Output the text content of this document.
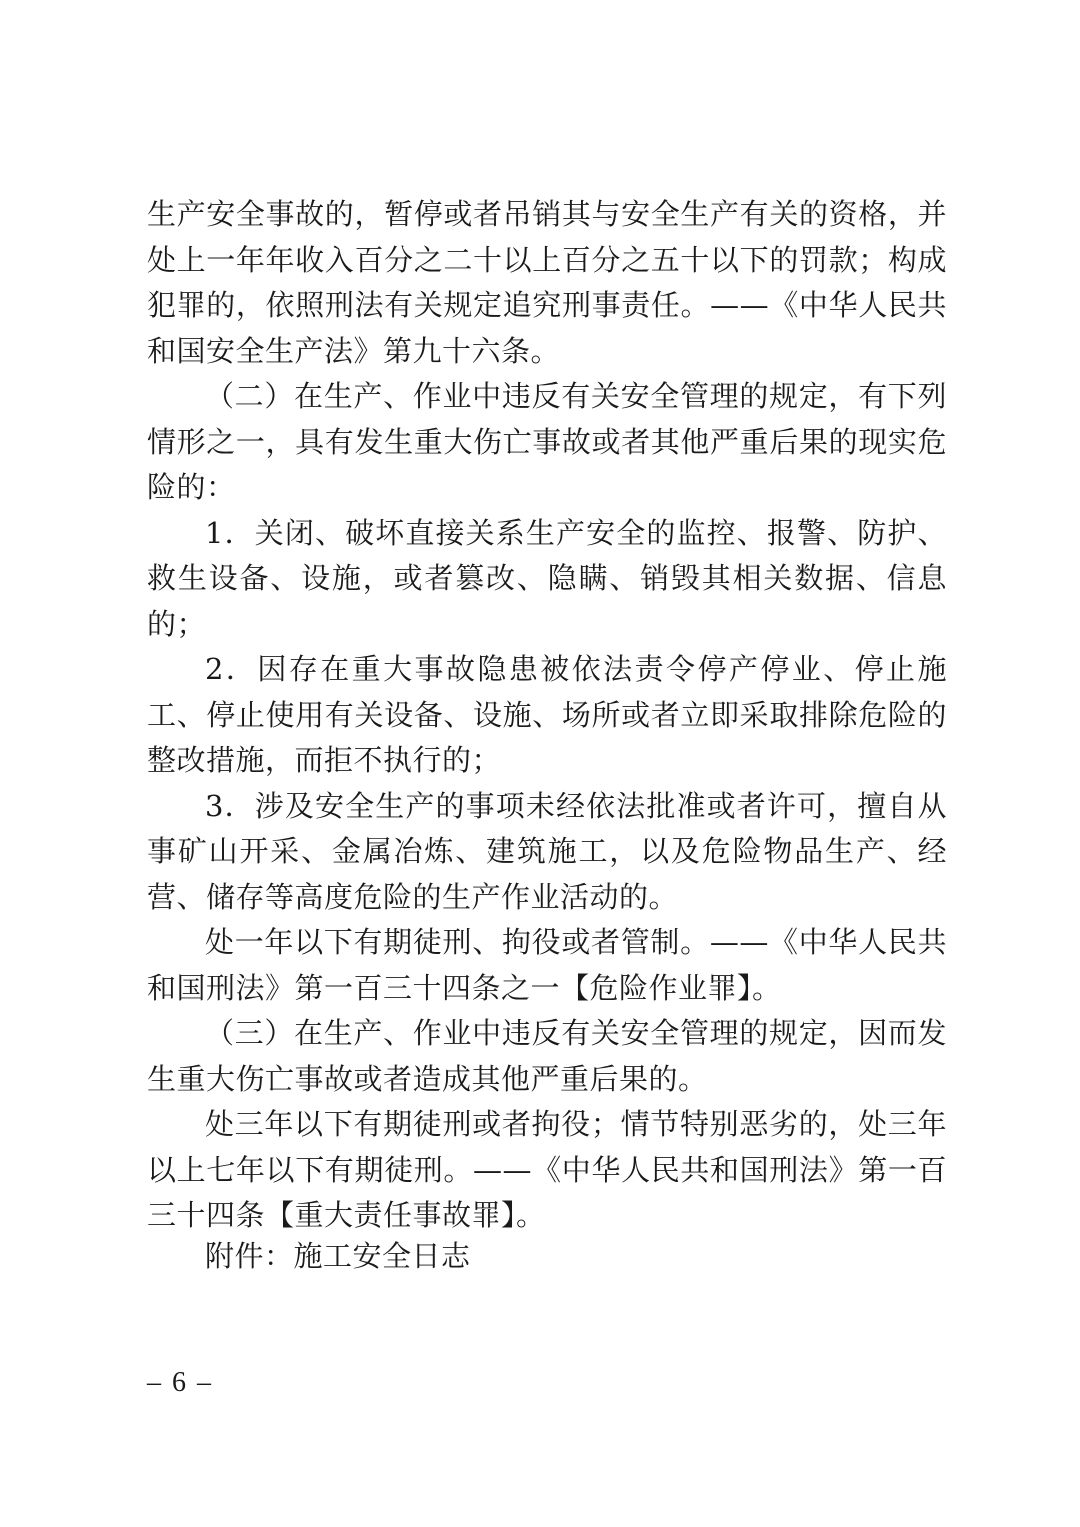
生产安全事故的，暂停或者吊销其与安全生产有关的资格，并处上一年年收入百分之二十以上百分之五十以下的罚款；构成犯罪的，依照刑法有关规定追究刑事责任。——《中华人民共和国安全生产法》第九十六条。

（二）在生产、作业中违反有关安全管理的规定，有下列情形之一，具有发生重大伤亡事故或者其他严重后果的现实危险的：

1．关闭、破坏直接关系生产安全的监控、报警、防护、救生设备、设施，或者篡改、隐瞒、销毁其相关数据、信息的；

2．因存在重大事故隐患被依法责令停产停业、停止施工、停止使用有关设备、设施、场所或者立即采取排除危险的整改措施，而拒不执行的；

3．涉及安全生产的事项未经依法批准或者许可，擅自从事矿山开采、金属冶炼、建筑施工，以及危险物品生产、经营、储存等高度危险的生产作业活动的。

处一年以下有期徒刑、拘役或者管制。——《中华人民共和国刑法》第一百三十四条之一【危险作业罪】。

（三）在生产、作业中违反有关安全管理的规定，因而发生重大伤亡事故或者造成其他严重后果的。

处三年以下有期徒刑或者拘役；情节特别恶劣的，处三年以上七年以下有期徒刑。——《中华人民共和国刑法》第一百三十四条【重大责任事故罪】。

附件：施工安全日志
– 6 –
